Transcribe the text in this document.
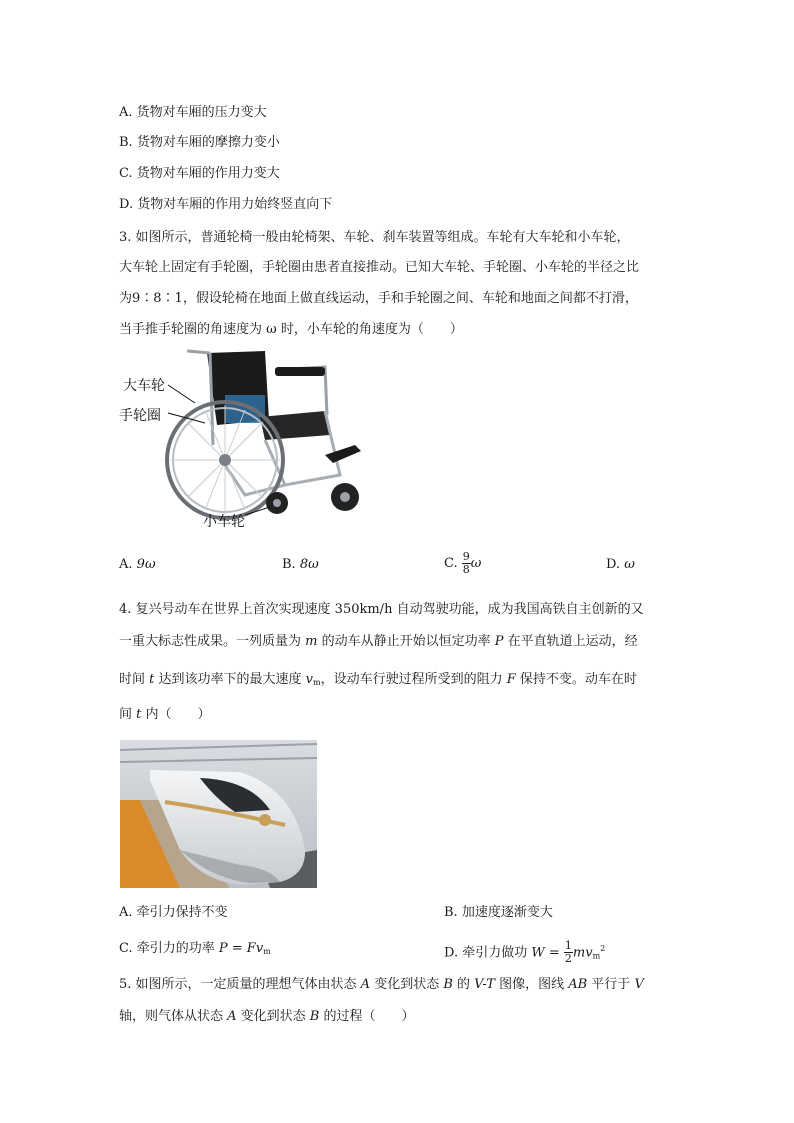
A. 货物对车厢的压力变大
B. 货物对车厢的摩擦力变小
C. 货物对车厢的作用力变大
D. 货物对车厢的作用力始终竖直向下
3. 如图所示，普通轮椅一般由轮椅架、车轮、刹车装置等组成。车轮有大车轮和小车轮，
大车轮上固定有手轮圈，手轮圈由患者直接推动。已知大车轮、手轮圈、小车轮的半径之比
为9∶8∶1，假设轮椅在地面上做直线运动，手和手轮圈之间、车轮和地面之间都不打滑，
当手推手轮圈的角速度为 ω 时，小车轮的角速度为（　　）
大车轮
手轮圈
小车轮
A. 9ω	B. 8ω	C. $\frac{9}{8}$ ω	D. ω
4. 复兴号动车在世界上首次实现速度 350km/h 自动驾驶功能，成为我国高铁自主创新的又
一重大标志性成果。一列质量为 m 的动车从静止开始以恒定功率 P 在平直轨道上运动，经
时间 t 达到该功率下的最大速度 $v_m$，设动车行驶过程所受到的阻力 F 保持不变。动车在时
间 t 内（　　）
A. 牵引力保持不变	B. 加速度逐渐变大
C. 牵引力的功率 $P = Fv_m$	D. 牵引力做功 $W = \frac{1}{2} mv_m^2$
5. 如图所示，一定质量的理想气体由状态 A 变化到状态 B 的 V-T 图像，图线 AB 平行于 V
轴，则气体从状态 A 变化到状态 B 的过程（　　）
